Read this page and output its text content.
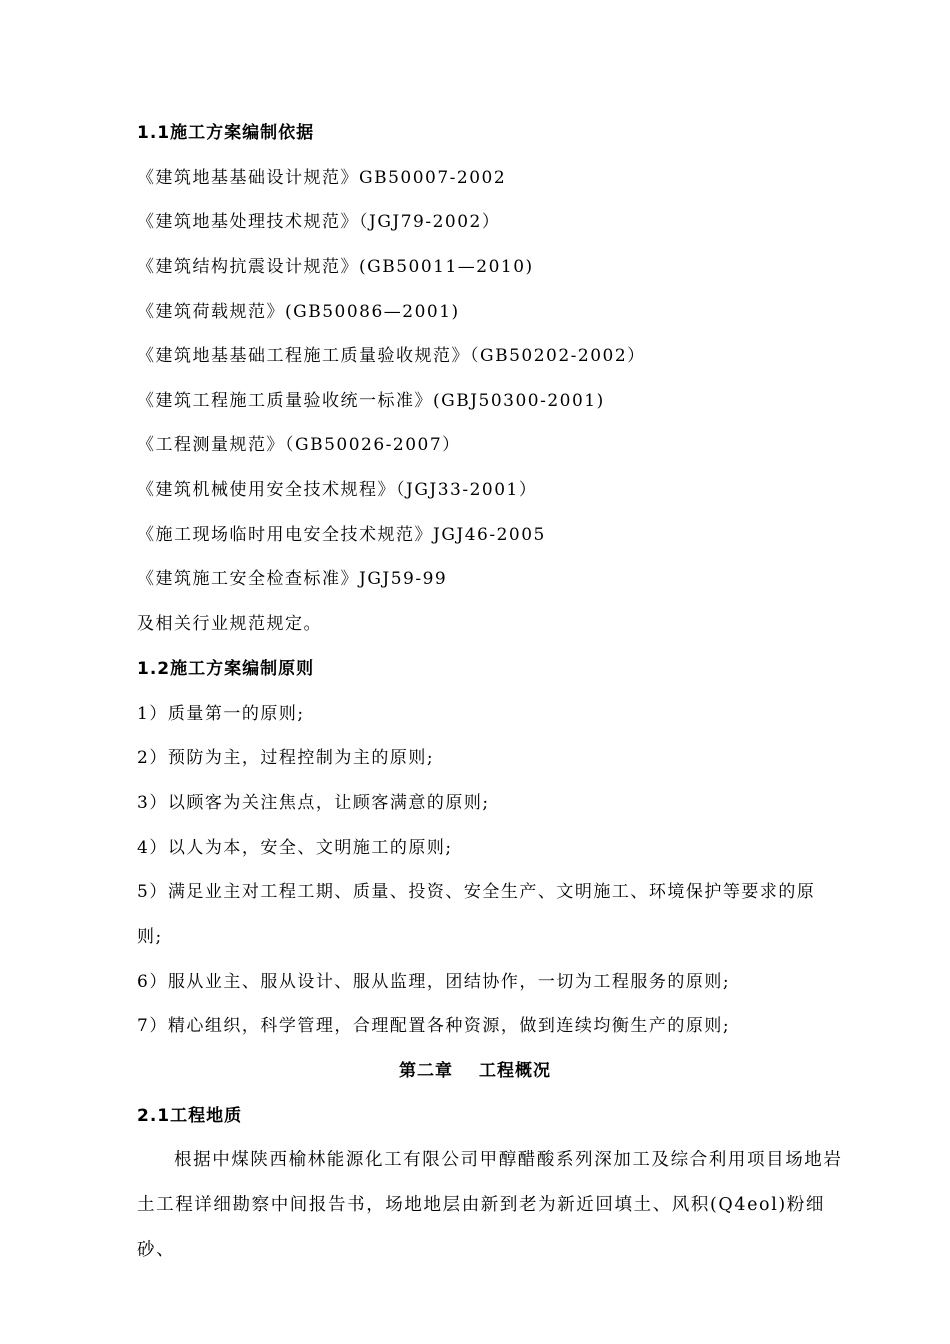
1.1施工方案编制依据
《建筑地基基础设计规范》GB50007-2002
《建筑地基处理技术规范》（JGJ79-2002）
《建筑结构抗震设计规范》(GB50011—2010)
《建筑荷载规范》(GB50086—2001)
《建筑地基基础工程施工质量验收规范》（GB50202-2002）
《建筑工程施工质量验收统一标准》(GBJ50300-2001)
《工程测量规范》（GB50026-2007）
《建筑机械使用安全技术规程》（JGJ33-2001）
《施工现场临时用电安全技术规范》JGJ46-2005
《建筑施工安全检查标准》JGJ59-99
及相关行业规范规定。
1.2施工方案编制原则
1）质量第一的原则;
2）预防为主，过程控制为主的原则;
3）以顾客为关注焦点，让顾客满意的原则;
4）以人为本，安全、文明施工的原则;
5）满足业主对工程工期、质量、投资、安全生产、文明施工、环境保护等要求的原
则;
6）服从业主、服从设计、服从监理，团结协作，一切为工程服务的原则;
7）精心组织，科学管理，合理配置各种资源，做到连续均衡生产的原则;
第二章 工程概况
2.1工程地质
根据中煤陕西榆林能源化工有限公司甲醇醋酸系列深加工及综合利用项目场地岩土工程详细勘察中间报告书，场地地层由新到老为新近回填土、风积(Q4eol)粉细砂、
